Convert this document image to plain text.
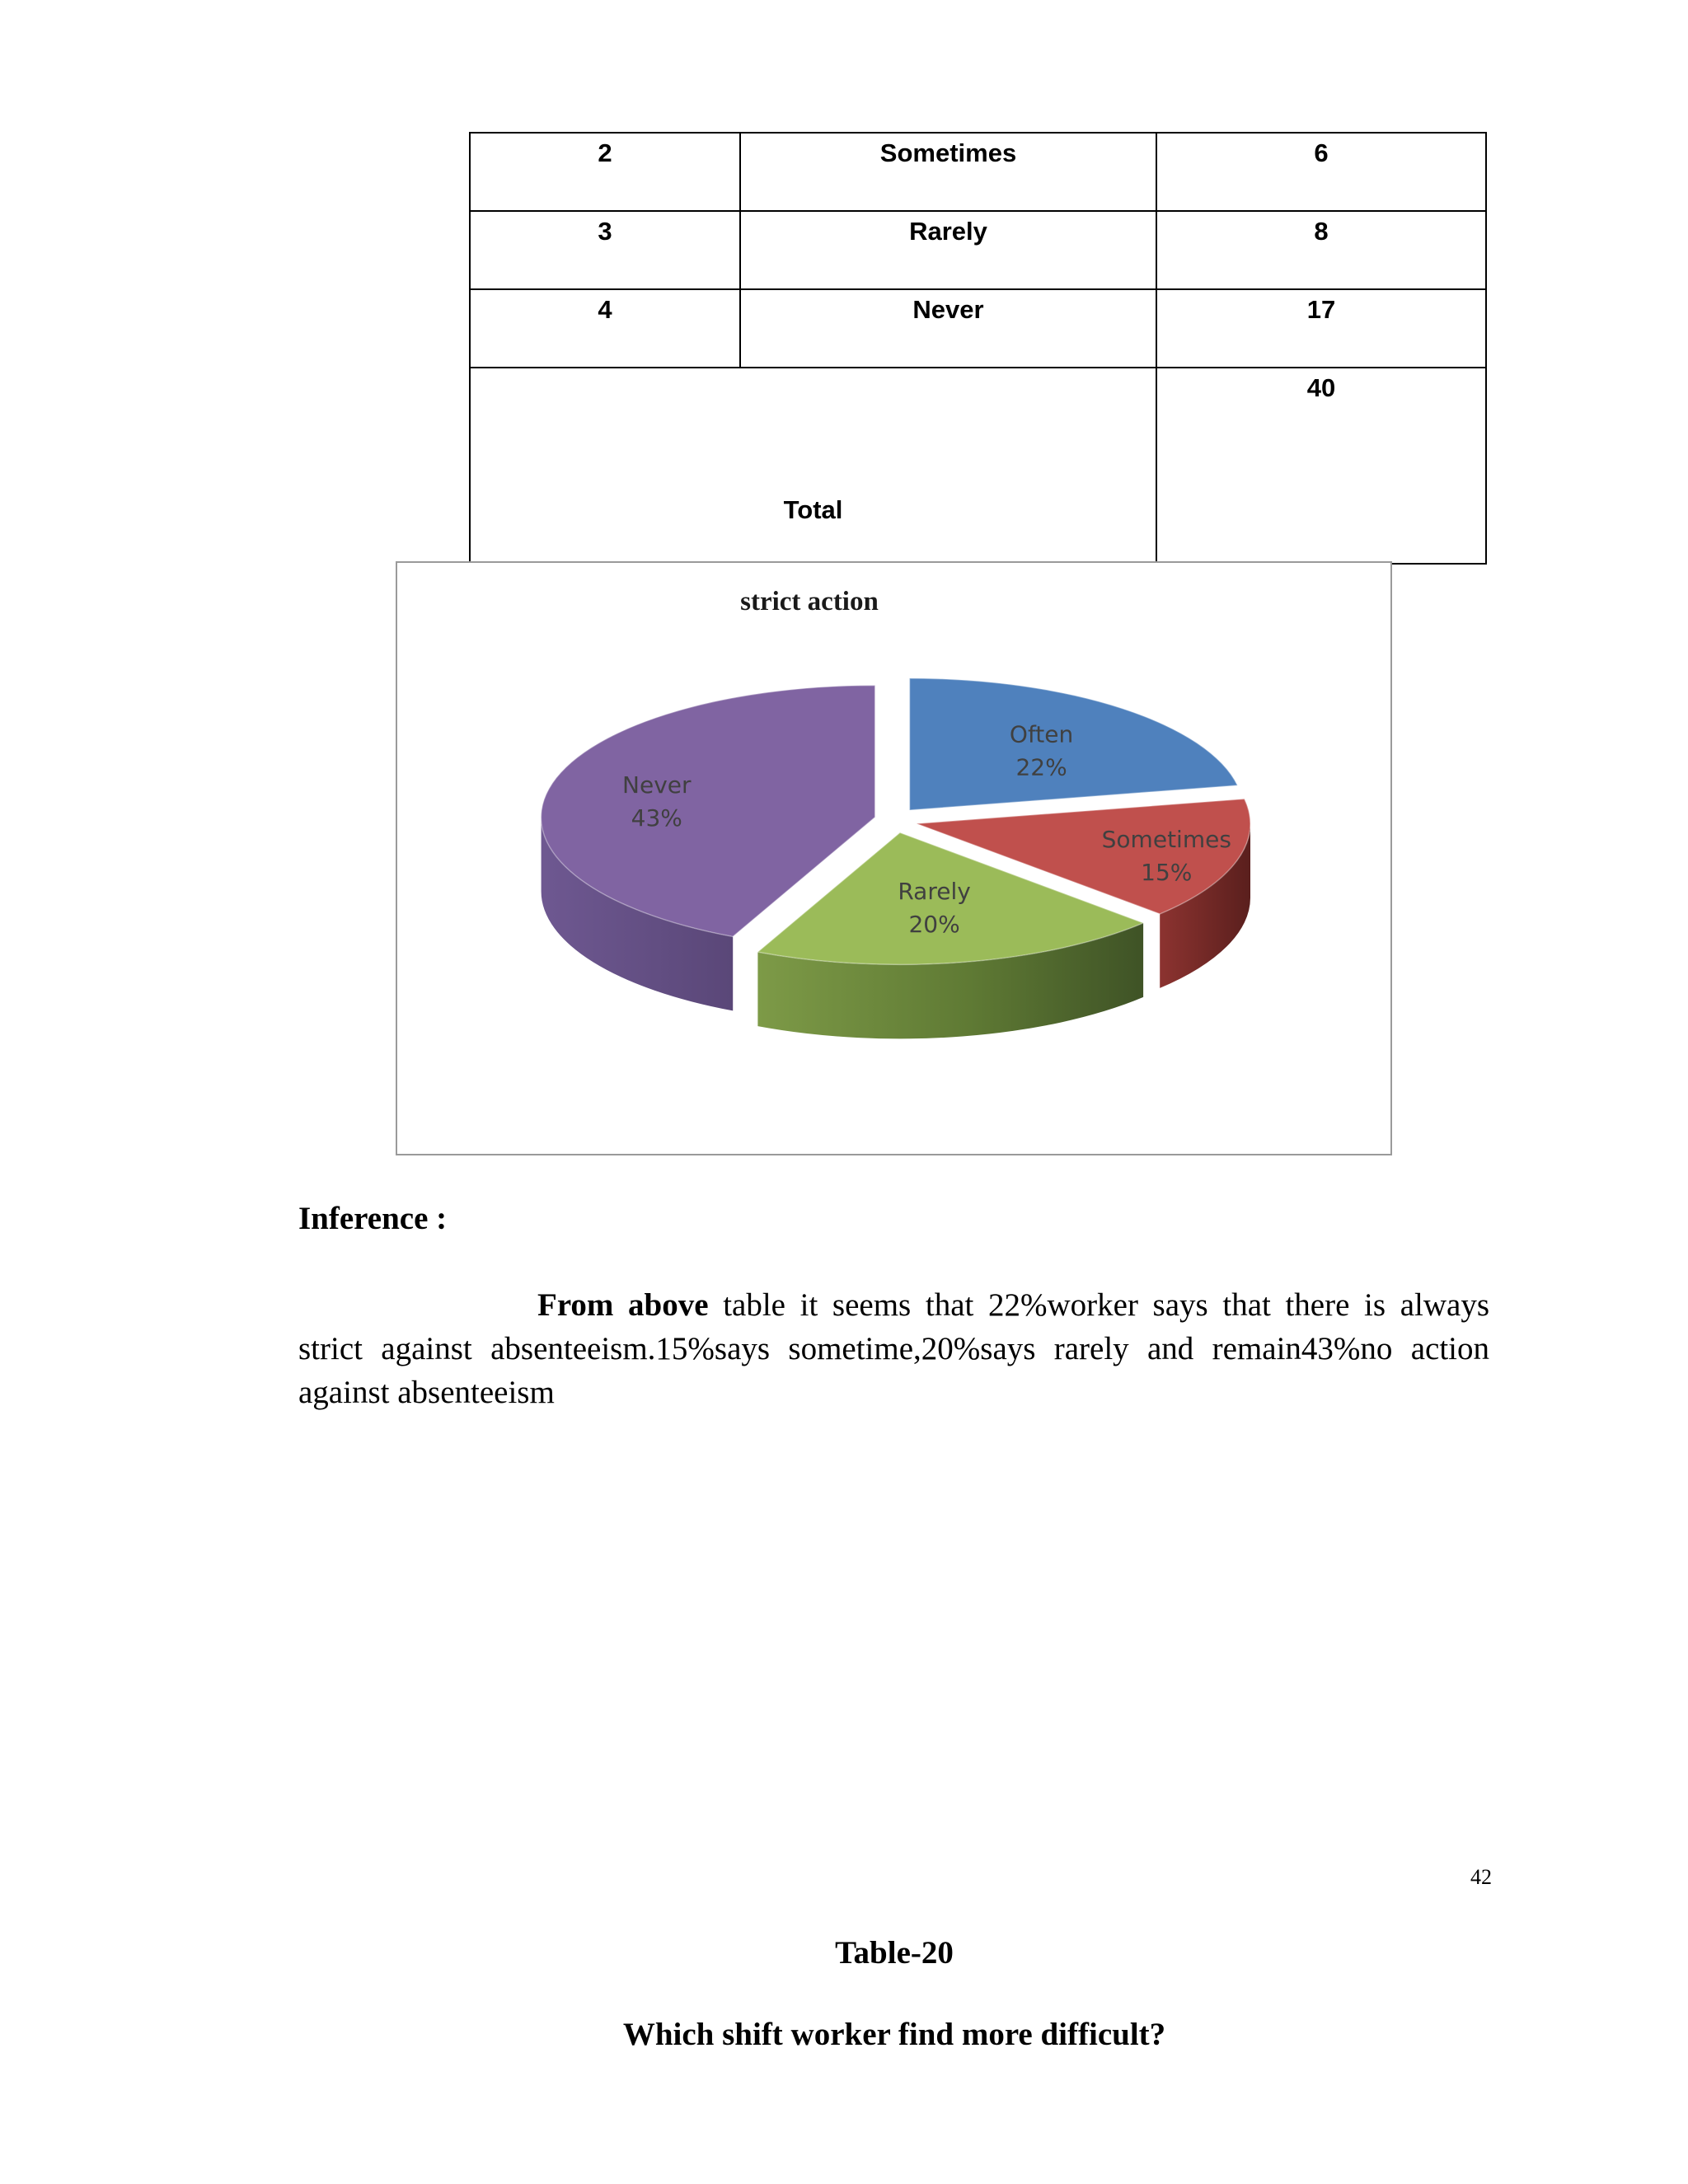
2	Sometimes	6
3	Rarely	8
4	Never	17
Total		40
strict action
Often
22%
Sometimes
15%
Rarely
20%
Never
43%
Inference :

From above table it seems that 22%worker says that there is always strict against absenteeism.15%says sometime,20%says rarely and remain43%no action against absenteeism

42
Table-20
Which shift worker find more difficult?
